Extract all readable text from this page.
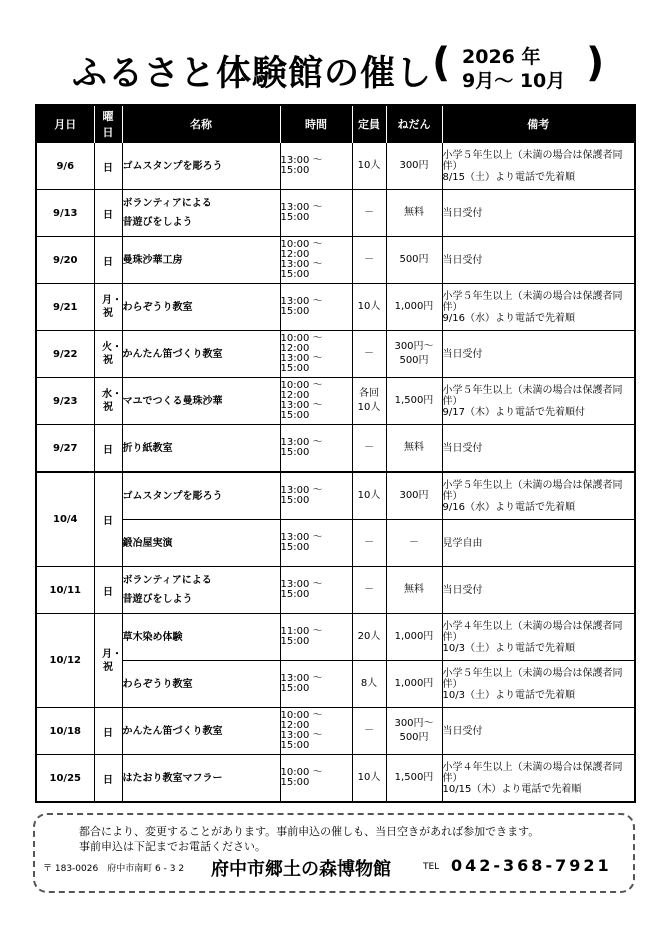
ふるさと体験館の催し ( 2026 年
9月～ 10月 )
月日	曜日	名称	時間	定員	ねだん	備考
9/6	日	ゴムスタンプを彫ろう	13:00 ～ 15:00	10人	300円	小学５年生以上（未満の場合は保護者同伴）
8/15（土）より電話で先着順
9/13	日	ボランティアによる
昔遊びをしよう	13:00 ～ 15:00	－	無料	当日受付
9/20	日	曼珠沙華工房	10:00 ～ 12:00
13:00 ～ 15:00	－	500円	当日受付
9/21	月・祝	わらぞうり教室	13:00 ～ 15:00	10人	1,000円	小学５年生以上（未満の場合は保護者同伴）
9/16（水）より電話で先着順
9/22	火・祝	かんたん笛づくり教室	10:00 ～ 12:00
13:00 ～ 15:00	－	300円～
500円	当日受付
9/23	水・祝	マユでつくる曼珠沙華	10:00 ～ 12:00
13:00 ～ 15:00	各回
10人	1,500円	小学５年生以上（未満の場合は保護者同伴）
9/17（木）より電話で先着順付
9/27	日	折り紙教室	13:00 ～ 15:00	－	無料	当日受付
10/4	日	ゴムスタンプを彫ろう	13:00 ～ 15:00	10人	300円	小学５年生以上（未満の場合は保護者同伴）
9/16（水）より電話で先着順
		鍛冶屋実演	13:00 ～ 15:00	－	－	見学自由
10/11	日	ボランティアによる
昔遊びをしよう	13:00 ～ 15:00	－	無料	当日受付
10/12	月・祝	草木染め体験	11:00 ～ 15:00	20人	1,000円	小学４年生以上（未満の場合は保護者同伴）
10/3（土）より電話で先着順
		わらぞうり教室	13:00 ～ 15:00	8人	1,000円	小学５年生以上（未満の場合は保護者同伴）
10/3（土）より電話で先着順
10/18	日	かんたん笛づくり教室	10:00 ～ 12:00
13:00 ～ 15:00	－	300円～
500円	当日受付
10/25	日	はたおり教室マフラー	10:00 ～ 15:00	10人	1,500円	小学４年生以上（未満の場合は保護者同伴）
10/15（木）より電話で先着順
都合により、変更することがあります。事前申込の催しも、当日空きがあれば参加できます。
事前申込は下記までお電話ください。
〒 183-0026　府中市南町 6 - 3 2 府中市郷土の森博物館	TEL 042-368-7921
